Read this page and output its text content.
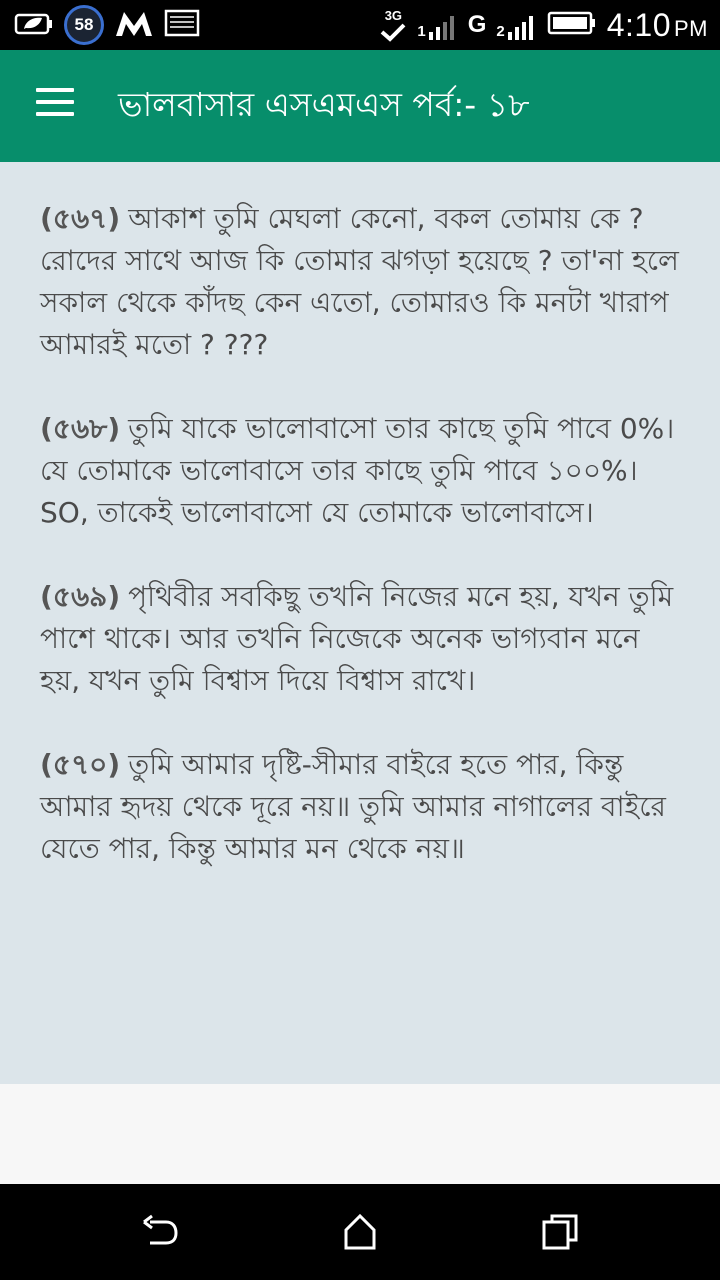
58	3G
1 G 2	4:10 PM
ভালবাসার এসএমএস পর্ব:- ১৮

(৫৬৭) আকাশ তুমি মেঘলা কেনো, বকল তোমায় কে ?রোদের সাথে আজ কি তোমার ঝগড়া হয়েছে ? তা'না হলে সকাল থেকে কাঁদছ কেন এতো, তোমারও কি মনটা খারাপ আমারই মতো ? ???

(৫৬৮) তুমি যাকে ভালোবাসো তার কাছে তুমি পাবে 0%।যে তোমাকে ভালোবাসে তার কাছে তুমি পাবে ১০০%।SO, তাকেই ভালোবাসো যে তোমাকে ভালোবাসে।

(৫৬৯) পৃথিবীর সবকিছু তখনি নিজের মনে হয়, যখন তুমি পাশে থাকে। আর তখনি নিজেকে অনেক ভাগ্যবান মনে হয়, যখন তুমি বিশ্বাস দিয়ে বিশ্বাস রাখে।

(৫৭০) তুমি আমার দৃষ্টি-সীমার বাইরে হতে পার, কিন্তু আমার হৃদয় থেকে দূরে নয়॥ তুমি আমার নাগালের বাইরে যেতে পার, কিন্তু আমার মন থেকে নয়॥
